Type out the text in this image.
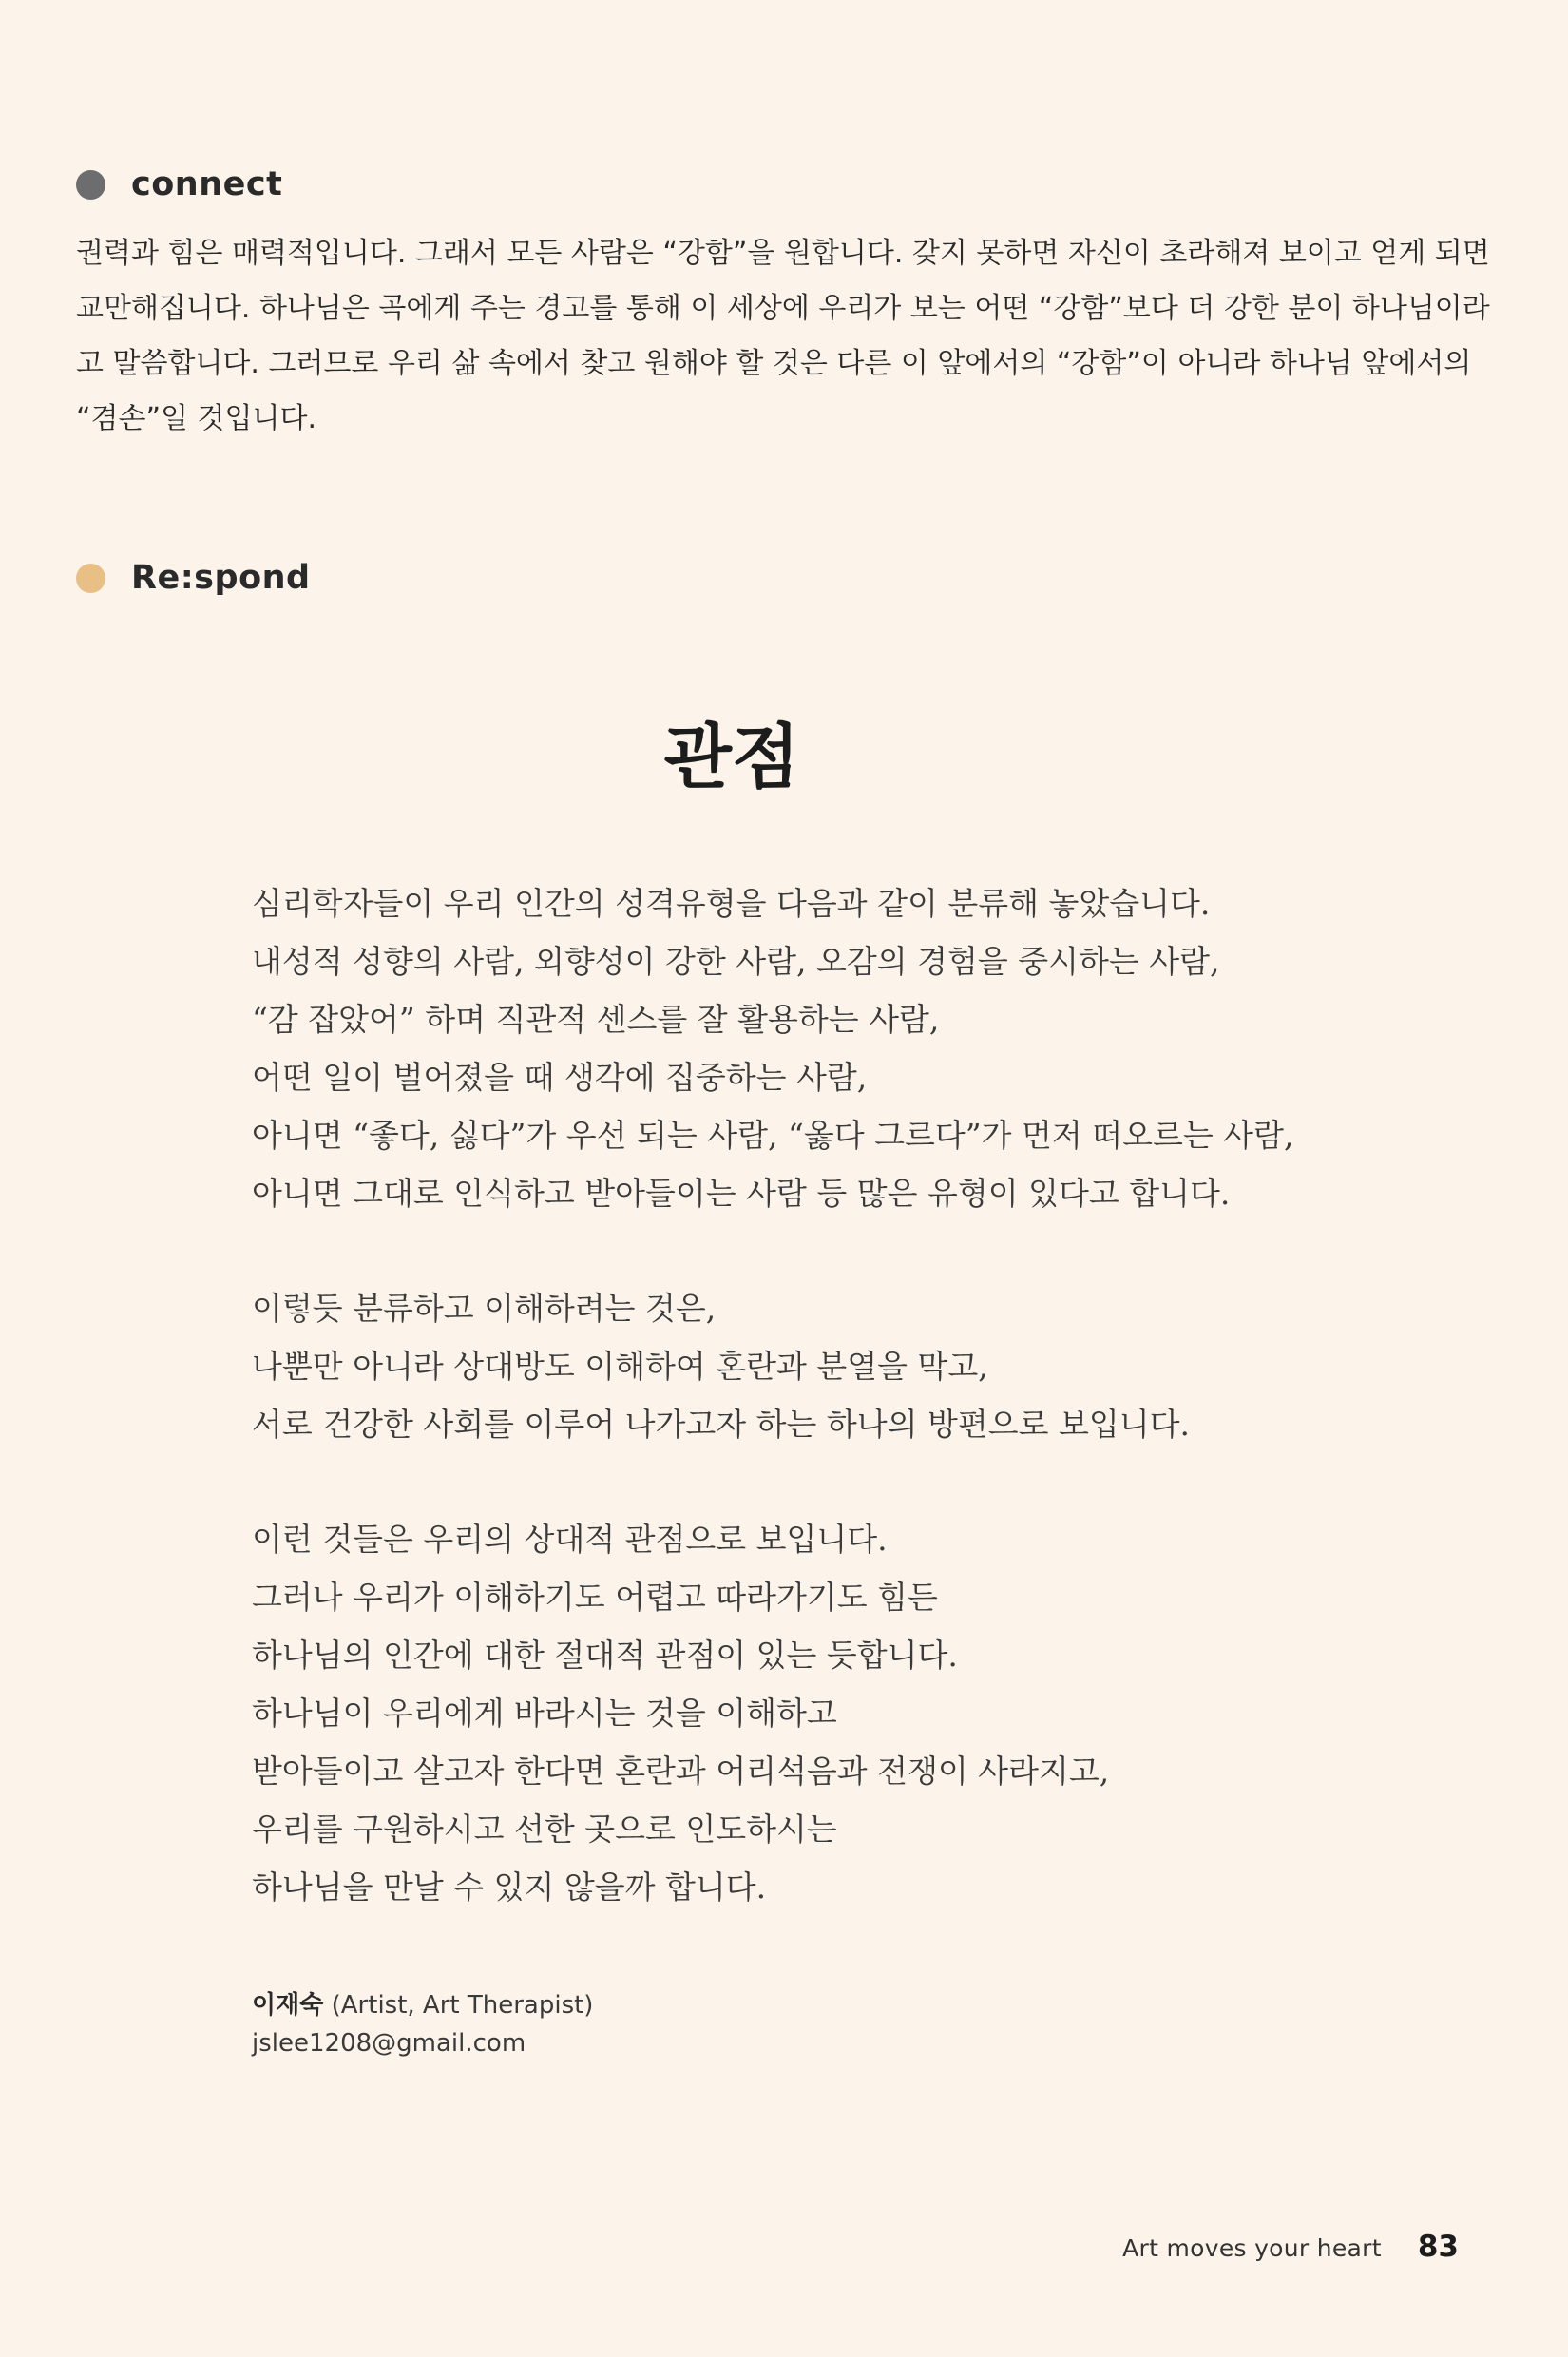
connect

권력과 힘은 매력적입니다. 그래서 모든 사람은 “강함”을 원합니다. 갖지 못하면 자신이 초라해져 보이고 얻게 되면
교만해집니다. 하나님은 곡에게 주는 경고를 통해 이 세상에 우리가 보는 어떤 “강함”보다 더 강한 분이 하나님이라
고 말씀합니다. 그러므로 우리 삶 속에서 찾고 원해야 할 것은 다른 이 앞에서의 “강함”이 아니라 하나님 앞에서의
“겸손”일 것입니다.

Re:spond
관점
심리학자들이 우리 인간의 성격유형을 다음과 같이 분류해 놓았습니다.
내성적 성향의 사람, 외향성이 강한 사람, 오감의 경험을 중시하는 사람,
“감 잡았어” 하며 직관적 센스를 잘 활용하는 사람,
어떤 일이 벌어졌을 때 생각에 집중하는 사람,
아니면 “좋다, 싫다”가 우선 되는 사람, “옳다 그르다”가 먼저 떠오르는 사람,
아니면 그대로 인식하고 받아들이는 사람 등 많은 유형이 있다고 합니다.
이렇듯 분류하고 이해하려는 것은,
나뿐만 아니라 상대방도 이해하여 혼란과 분열을 막고,
서로 건강한 사회를 이루어 나가고자 하는 하나의 방편으로 보입니다.
이런 것들은 우리의 상대적 관점으로 보입니다.
그러나 우리가 이해하기도 어렵고 따라가기도 힘든
하나님의 인간에 대한 절대적 관점이 있는 듯합니다.
하나님이 우리에게 바라시는 것을 이해하고
받아들이고 살고자 한다면 혼란과 어리석음과 전쟁이 사라지고,
우리를 구원하시고 선한 곳으로 인도하시는
하나님을 만날 수 있지 않을까 합니다.
이재숙 (Artist, Art Therapist)
jslee1208@gmail.com
Art moves your heart 83
